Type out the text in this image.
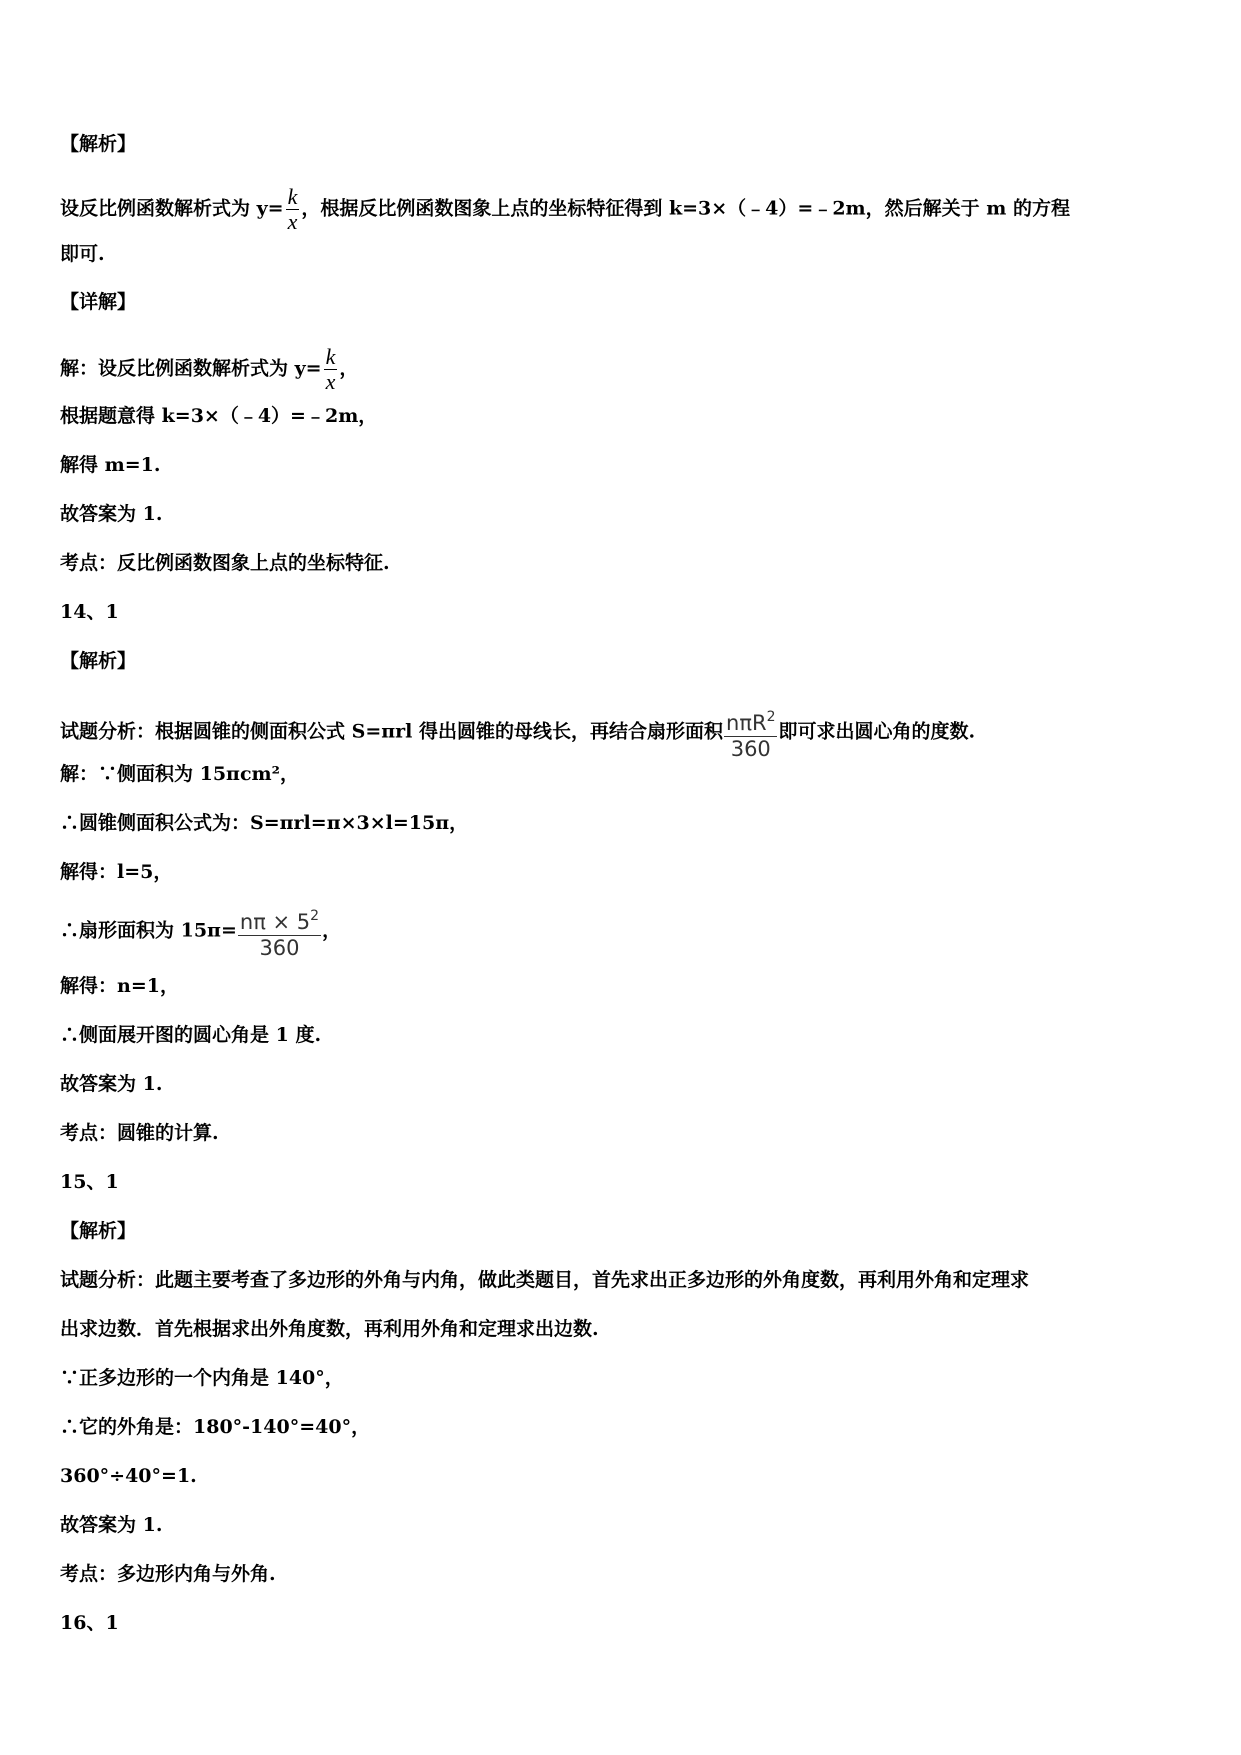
【解析】
设反比例函数解析式为 $y= \frac{k}{x}$ ，根据反比例函数图象上点的坐标特征得到 k=3×（﹣4）=﹣2m，然后解关于 m 的方程
即可.
【详解】
解：设反比例函数解析式为 $y= \frac{k}{x}$ ，
根据题意得 k=3×（﹣4）=﹣2m，
解得 m=1.
故答案为 1.
考点：反比例函数图象上点的坐标特征.
14、1
【解析】
试题分析：根据圆锥的侧面积公式 S=πrl 得出圆锥的母线长，再结合扇形面积 $\frac{n\pi R^2}{360}$ 即可求出圆心角的度数.
解：∵侧面积为 15πcm²，
∴圆锥侧面积公式为：S=πrl=π×3×l=15π，
解得：l=5，
∴扇形面积为 $15\pi= \frac{n\pi \times 5^2}{360}$ ，
解得：n=1，
∴侧面展开图的圆心角是 1 度.
故答案为 1.
考点：圆锥的计算.
15、1
【解析】
试题分析：此题主要考查了多边形的外角与内角，做此类题目，首先求出正多边形的外角度数，再利用外角和定理求
出求边数．首先根据求出外角度数，再利用外角和定理求出边数.
∵正多边形的一个内角是 140°，
∴它的外角是：180°-140°=40°，
360°÷40°=1.
故答案为 1.
考点：多边形内角与外角.
16、1
